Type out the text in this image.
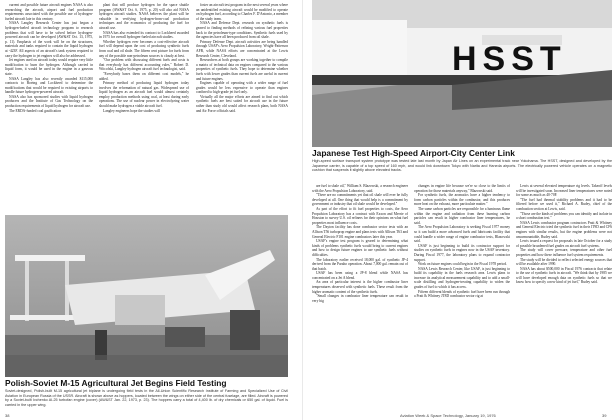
current and possible future aircraft engines NASA is also researching the aircraft, airport and fuel production requirements associated with the possible use of hydrogen-fueled aircraft late in this century.

NASA Langley Research Center has just begun a hydrogen-fueled aircraft technology program to research problems that will have to be solved before hydrogen-powered aircraft can be developed (AW&ST Oct. 13, 1975, p. 11). Emphasis of the work will be on the structures, materials and tanks required to contain the liquid hydrogen at -423F. All aspects of an aircraft's tank system required to carry the hydrogen to jet engines will also be addressed.

Jet engines used on aircraft today would require very little modification to burn the hydrogen. Although carried in liquid form, it would be used in the engine in a gaseous state.

NASA Langley has also recently awarded $115,000 contracts to Boeing and Lockheed to determine the modifications that would be required to existing airports to handle future hydrogen-powered aircraft.

NASA also has sponsored studies with liquid hydrogen producers and the Institute of Gas Technology on the production requirements of liquid hydrogen for aircraft use.

The ERDA-funded coal gasification

plant that will produce hydrogen for the space shuttle program (AW&ST Oct. 6, 1975, p. 20) will also aid NASA hydrogen aircraft studies. NASA believes the plant will be valuable in verifying hydrogen-from-coal production techniques and the economics of producing the fuel for aircraft use.

NASA has also extended its contract to Lockheed awarded in 1975 for overall hydrogen-fueled aircraft studies.

Whether hydrogen ever becomes a cost-effective aircraft fuel will depend upon the cost of producing synthetic fuels from coal and oil shale. The fifteen cent picture for fuels from any of the possible non-petroleum sources is cloudy at best.

"Our problem with discussing different fuels and costs is that everybody has different accounting rules," Robert D. Witcofski, Langley hydrogen aircraft fuel technologist, said.

"Everybody bases them on different cost models," he added.

Primary method of producing liquid hydrogen today involves the reformation of natural gas. Widespread use of liquid hydrogen as an aircraft fuel would almost certainly employ production methods using coal, at least during early operations. The use of nuclear power in electrolyzing water should make hydrogen a viable aircraft fuel.

Langley engineers hope the studies will

foster an aircraft test program in the next several years where an unidentified existing aircraft would be modified to operate on hydrogen fuel, according to Charles F. D'Antonio, a member of the study team.

NASA and Defense Dept. research on synthetic fuels is geared to finding methods of refining various fuel properties back to the petroleum-type conditions. Synthetic fuels used by the agencies have all been produced from oil shale.

Primary Defense Dept. aircraft activities are being handled through USAF's Aero Propulsion Laboratory, Wright-Patterson AFB, while NASA efforts are concentrated at the Lewis Research Center, Cleveland.

Researchers at both groups are working together to compile a matrix of technical data on engines compared to the various properties of synthetic fuels. They hope to determine whether fuels with lower grades than current fuels are useful in current and future engines.

Engines capable of operating with a wider range of fuel grades would be less expensive to operate than engines confined to high-grade jet fuel only.

Virtually all the major efforts are aimed to find out which synthetic fuels are best suited for aircraft use in the future rather than study old would affect research plans, both NASA and Air Force officials said.

Polish-Soviet M-15 Agricultural Jet Begins Field Testing
Soviet-designed, Polish-built M-15 agricultural jet biplane is undergoing field tests in the All-Union Scientific Research Institute of Farming and Specialized Use of Civil Aviation in European Russia of the USSR. Aircraft is shown above as hoppers, located between the wings on either side of the central fuselage, are filled. Aircraft is powered by a Soviet-built Ivchenko AI-25 turbofan engine (cover) (AW&ST Jan. 22, 1973, p. 23). The hoppers carry a total of 4,400 lb. of dry chemicals or 650 gal. of liquid. Fuel is carried in the upper wing.
38
HSST
Japanese Test High-Speed Airport-City Center Link
High-speed surface transport system prototype was tested late last month by Japan Air Lines on an experimental track near Yokohama. The HSST, designed and developed by the Japanese carrier, is capable of a top speed of 160 mph, and would link downtown Tokyo with Narita and Haneda airports. The electrically powered vehicle operates on a magnetic cushion that suspends it slightly above elevated tracks.

are fuel to shale oil," William S. Blazowski, a research engineer with the Aero Propulsion Laboratory, said.

"There are no commitments yet that oil shale will ever be fully developed at all. One thing that would help is a commitment by government or industry that oil shale would be developed."

As part of the effort to fit fuel properties to costs, the Aero Propulsion Laboratory has a contract with Exxon and Merrie of Houston to survey U.S. oil refiners for their opinions on what fuel properties most influence costs.

The Dayton facility has done combustor sector tests with an Allison T56 turboprop engine and plans tests with Allison T63 and General Electric F101 engine combustors later this year.

USAF's engine test program is geared to determining what kinds of problems synthetic fuels would bring to current engines and how to design future engines to use synthetic fuels without difficulties.

The laboratory earlier received 18,000 gal. of synthetic JP-4 derived from the Paraho operation. About 7,000 gal. remain out of that batch.

USAF has been using a JP-8 blend while NASA has concentrated on a Jet A blend.

An area of particular interest is the higher combustor liner temperatures observed with synthetic fuels. These result from the higher aromatic content of the synthetic fuels.

"Small changes in combustor liner temperature can result in very big

changes in engine life because we're so close to the limits of operation for those materials anyway," Blazowski said.

For synthetic fuels, the aromatics have a higher tendency to form carbon particles within the combustor, and this produces more heat on the exhaust, more particulate matter."

The same carbon particles are responsible for a luminous flame within the engine and radiation from these burning carbon particles can result in higher combustor liner temperatures, he said.

The Aero Propulsion Laboratory is seeking Fiscal 1977 money so it can build a more advanced fuels and lubricants facility that could handle a wider range of engine combustor tests, Blazowski said.

USAF is just beginning to build its contractor support for studies on synthetic fuels in engines now in the USAF inventory. During Fiscal 1977, the laboratory plans to expand contractor support.

Work on future engines could begin in the Fiscal 1978 period.

NASA Lewis Research Center, like USAF, is just beginning to build its capability in the fuels research area. Lewis plans to increase its analytical measurement capability and to add a small-scale distilling and hydrogen-treating capability to widen the grades of fuel to which it has access.

Fifteen different blends of synthetic fuel have been run through a Pratt & Whitney JT8D combustor sector rig at

Lewis at several elevated temperature rig levels. Takeoff levels will be investigated soon. Increased liner temperatures were noted for some as much as 40-70F.

"The fuel had thermal stability problems and it had to be filtered before we used it," Richard A. Rudey, chief of the combustion section at Lewis, said.

"Those are the kinds of problems you can identify and isolate in a short combustion test."

NASA Lewis combustor program contractors Pratt & Whitney and General Electric tried the synthetic fuel in their JT9D and CF6 engines with similar results, but the engine problems were not unsurmountable, Rudey said.

Lewis issued a request for proposals in late October for a study of possible broadened fuel grades on aircraft fuel systems.

The study will cover pressure, temperature and other fuel properties and how these influence fuel system requirements.

The study will be divided to reflect selected energy sources that will be available after 1990.

NASA has about $500,000 in Fiscal 1976 contracts that relate to the use of synthetic fuels in aircraft. "We think that by 1985 we will have developed enough data on synthetic fuels so that we know how to specify a new kind of jet fuel," Rudey said.

Aviation Week & Space Technology, January 19, 1976	39
